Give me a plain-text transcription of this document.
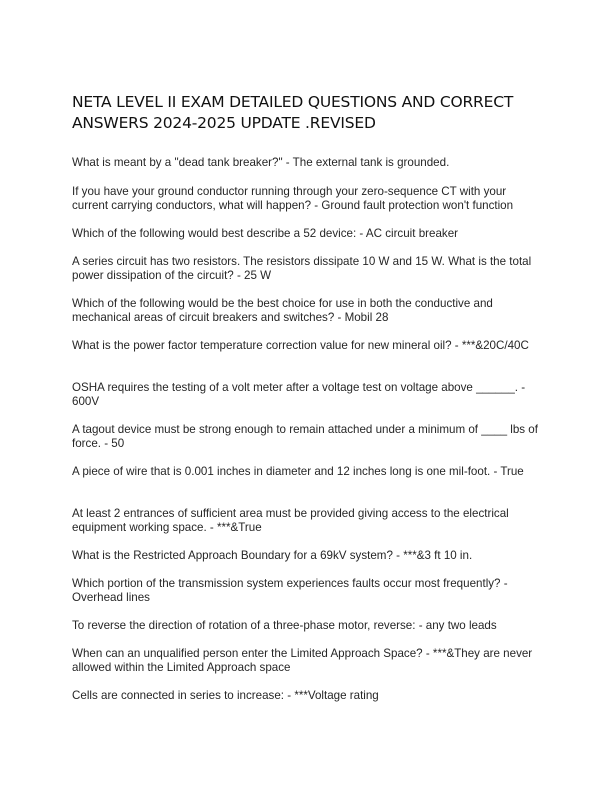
NETA LEVEL II EXAM DETAILED QUESTIONS AND CORRECT ANSWERS 2024-2025 UPDATE .REVISED

What is meant by a "dead tank breaker?" - The external tank is grounded.

If you have your ground conductor running through your zero-sequence CT with your current carrying conductors, what will happen? - Ground fault protection won't function

Which of the following would best describe a 52 device: - AC circuit breaker

A series circuit has two resistors. The resistors dissipate 10 W and 15 W. What is the total power dissipation of the circuit? - 25 W

Which of the following would be the best choice for use in both the conductive and mechanical areas of circuit breakers and switches? - Mobil 28

What is the power factor temperature correction value for new mineral oil? - ***&20C/40C

OSHA requires the testing of a volt meter after a voltage test on voltage above ______. - 600V

A tagout device must be strong enough to remain attached under a minimum of ____ lbs of force. - 50

A piece of wire that is 0.001 inches in diameter and 12 inches long is one mil-foot. - True

At least 2 entrances of sufficient area must be provided giving access to the electrical equipment working space. - ***&True

What is the Restricted Approach Boundary for a 69kV system? - ***&3 ft 10 in.

Which portion of the transmission system experiences faults occur most frequently? - Overhead lines

To reverse the direction of rotation of a three-phase motor, reverse: - any two leads

When can an unqualified person enter the Limited Approach Space? - ***&They are never allowed within the Limited Approach space

Cells are connected in series to increase: - ***Voltage rating
